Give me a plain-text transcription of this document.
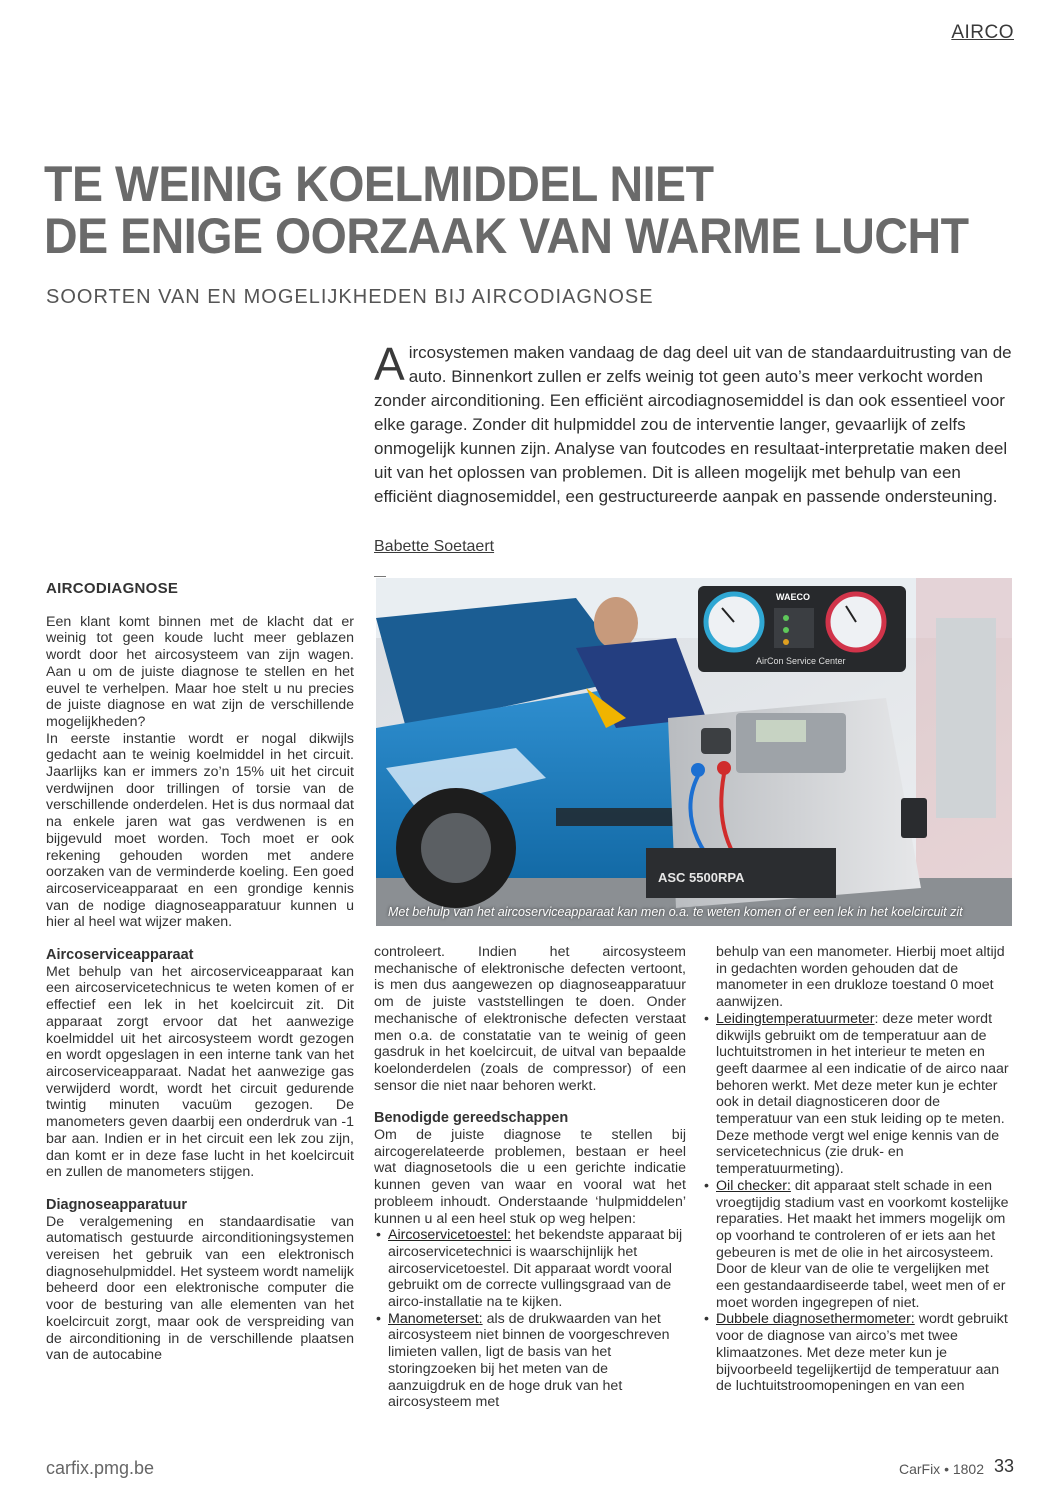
AIRCO
TE WEINIG KOELMIDDEL NIET
DE ENIGE OORZAAK VAN WARME LUCHT
SOORTEN VAN EN MOGELIJKHEDEN BIJ AIRCODIAGNOSE
A ircosystemen maken vandaag de dag deel uit van de standaarduitrusting van de auto. Binnenkort zullen er zelfs weinig tot geen auto’s meer verkocht worden zonder airconditioning. Een efficiënt aircodiagnosemiddel is dan ook essentieel voor elke garage. Zonder dit hulpmiddel zou de interventie langer, gevaarlijk of zelfs onmogelijk kunnen zijn. Analyse van foutcodes en resultaat-interpretatie maken deel uit van het oplossen van problemen. Dit is alleen mogelijk met behulp van een efficiënt diagnosemiddel, een gestructureerde aanpak en passende ondersteuning.
Babette Soetaert
AIRCODIAGNOSE

Een klant komt binnen met de klacht dat er weinig tot geen koude lucht meer geblazen wordt door het aircosysteem van zijn wagen. Aan u om de juiste diagnose te stellen en het euvel te verhelpen. Maar hoe stelt u nu precies de juiste diagnose en wat zijn de verschillende mogelijkheden?

In eerste instantie wordt er nogal dikwijls gedacht aan te weinig koelmiddel in het circuit. Jaarlijks kan er immers zo’n 15% uit het circuit verdwijnen door trillingen of torsie van de verschillende onderdelen. Het is dus normaal dat na enkele jaren wat gas verdwenen is en bijgevuld moet worden. Toch moet er ook rekening gehouden worden met andere oorzaken van de verminderde koeling. Een goed aircoserviceapparaat en een grondige kennis van de nodige diagnoseapparatuur kunnen u hier al heel wat wijzer maken.

Aircoserviceapparaat

Met behulp van het aircoserviceapparaat kan een aircoservicetechnicus te weten komen of er effectief een lek in het koelcircuit zit. Dit apparaat zorgt ervoor dat het aanwezige koelmiddel uit het aircosysteem wordt gezogen en wordt opgeslagen in een interne tank van het aircoserviceapparaat. Nadat het aanwezige gas verwijderd wordt, wordt het circuit gedurende twintig minuten vacuüm gezogen. De manometers geven daarbij een onderdruk van -1 bar aan. Indien er in het circuit een lek zou zijn, dan komt er in deze fase lucht in het koelcircuit en zullen de manometers stijgen.

Diagnoseapparatuur

De veralgemening en standaardisatie van automatisch gestuurde airconditioningsystemen vereisen het gebruik van een elektronisch diagnosehulpmiddel. Het systeem wordt namelijk beheerd door een elektronische computer die voor de besturing van alle elementen van het koelcircuit zorgt, maar ook de verspreiding van de airconditioning in de verschillende plaatsen van de autocabine

WAECO
AirCon Service Center
ASC 5500RPA
Met behulp van het aircoserviceapparaat kan men o.a. te weten komen of er een lek in het koelcircuit zit

controleert. Indien het aircosysteem mechanische of elektronische defecten vertoont, is men dus aangewezen op diagnoseapparatuur om de juiste vaststellingen te doen. Onder mechanische of elektronische defecten verstaat men o.a. de constatatie van te weinig of geen gasdruk in het koelcircuit, de uitval van bepaalde koelonderdelen (zoals de compressor) of een sensor die niet naar behoren werkt.

Benodigde gereedschappen

Om de juiste diagnose te stellen bij aircogerelateerde problemen, bestaan er heel wat diagnosetools die u een gerichte indicatie kunnen geven van waar en vooral wat het probleem inhoudt. Onderstaande ‘hulpmiddelen’ kunnen u al een heel stuk op weg helpen:

• Aircoservicetoestel: het bekendste apparaat bij aircoservicetechnici is waarschijnlijk het aircoservicetoestel. Dit apparaat wordt vooral gebruikt om de correcte vullingsgraad van de airco-installatie na te kijken.

• Manometerset: als de drukwaarden van het aircosysteem niet binnen de voorgeschreven limieten vallen, ligt de basis van het storingzoeken bij het meten van de aanzuigdruk en de hoge druk van het aircosysteem met

behulp van een manometer. Hierbij moet altijd in gedachten worden gehouden dat de manometer in een drukloze toestand 0 moet aanwijzen.

• Leidingtemperatuurmeter: deze meter wordt dikwijls gebruikt om de temperatuur aan de luchtuitstromen in het interieur te meten en geeft daarmee al een indicatie of de airco naar behoren werkt. Met deze meter kun je echter ook in detail diagnosticeren door de temperatuur van een stuk leiding op te meten. Deze methode vergt wel enige kennis van de servicetechnicus (zie druk- en temperatuurmeting).

• Oil checker: dit apparaat stelt schade in een vroegtijdig stadium vast en voorkomt kostelijke reparaties. Het maakt het immers mogelijk om op voorhand te controleren of er iets aan het gebeuren is met de olie in het aircosysteem. Door de kleur van de olie te vergelijken met een gestandaardiseerde tabel, weet men of er moet worden ingegrepen of niet.

• Dubbele diagnosethermometer: wordt gebruikt voor de diagnose van airco’s met twee klimaatzones. Met deze meter kun je bijvoorbeeld tegelijkertijd de temperatuur aan de luchtuitstroomopeningen en van een

carfix.pmg.be	CarFix • 1802 33
